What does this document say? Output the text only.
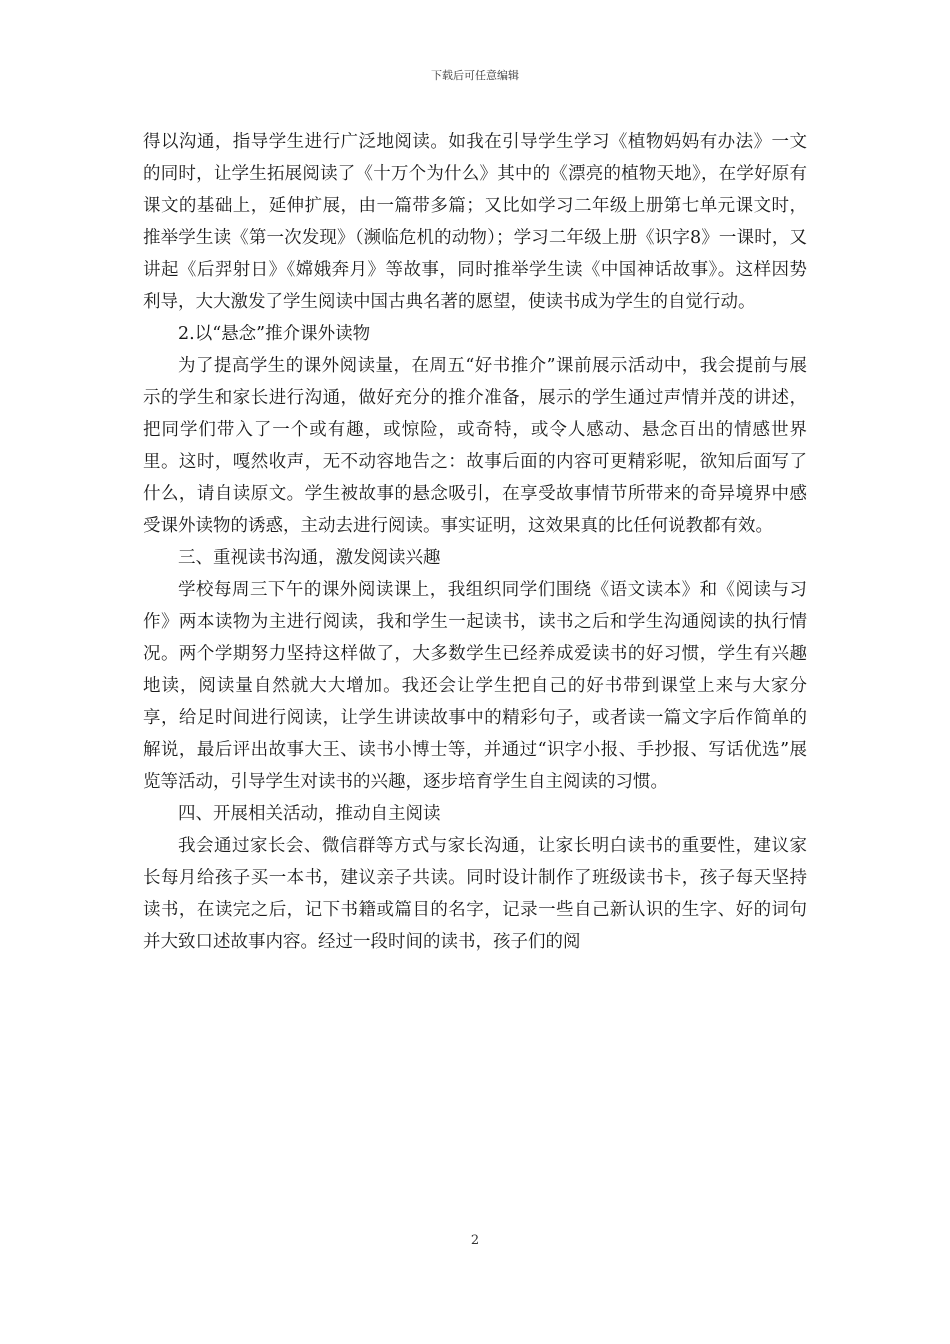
下载后可任意编辑

得以沟通，指导学生进行广泛地阅读。如我在引导学生学习《植物妈妈有办法》一文的同时，让学生拓展阅读了《十万个为什么》其中的《漂亮的植物天地》，在学好原有课文的基础上，延伸扩展，由一篇带多篇；又比如学习二年级上册第七单元课文时，推举学生读《第一次发现》（濒临危机的动物）；学习二年级上册《识字8》一课时，又讲起《后羿射日》《嫦娥奔月》等故事，同时推举学生读《中国神话故事》。这样因势利导，大大激发了学生阅读中国古典名著的愿望，使读书成为学生的自觉行动。

2.以“悬念”推介课外读物

为了提高学生的课外阅读量，在周五“好书推介”课前展示活动中，我会提前与展示的学生和家长进行沟通，做好充分的推介准备，展示的学生通过声情并茂的讲述，把同学们带入了一个或有趣，或惊险，或奇特，或令人感动、悬念百出的情感世界里。这时，嘎然收声，无不动容地告之：故事后面的内容可更精彩呢，欲知后面写了什么，请自读原文。学生被故事的悬念吸引，在享受故事情节所带来的奇异境界中感受课外读物的诱惑，主动去进行阅读。事实证明，这效果真的比任何说教都有效。

三、重视读书沟通，激发阅读兴趣

学校每周三下午的课外阅读课上，我组织同学们围绕《语文读本》和《阅读与习作》两本读物为主进行阅读，我和学生一起读书，读书之后和学生沟通阅读的执行情况。两个学期努力坚持这样做了，大多数学生已经养成爱读书的好习惯，学生有兴趣地读，阅读量自然就大大增加。我还会让学生把自己的好书带到课堂上来与大家分享，给足时间进行阅读，让学生讲读故事中的精彩句子，或者读一篇文字后作简单的解说，最后评出故事大王、读书小博士等，并通过“识字小报、手抄报、写话优选”展览等活动，引导学生对读书的兴趣，逐步培育学生自主阅读的习惯。

四、开展相关活动，推动自主阅读

我会通过家长会、微信群等方式与家长沟通，让家长明白读书的重要性，建议家长每月给孩子买一本书，建议亲子共读。同时设计制作了班级读书卡，孩子每天坚持读书，在读完之后，记下书籍或篇目的名字，记录一些自己新认识的生字、好的词句并大致口述故事内容。经过一段时间的读书，孩子们的阅

2
